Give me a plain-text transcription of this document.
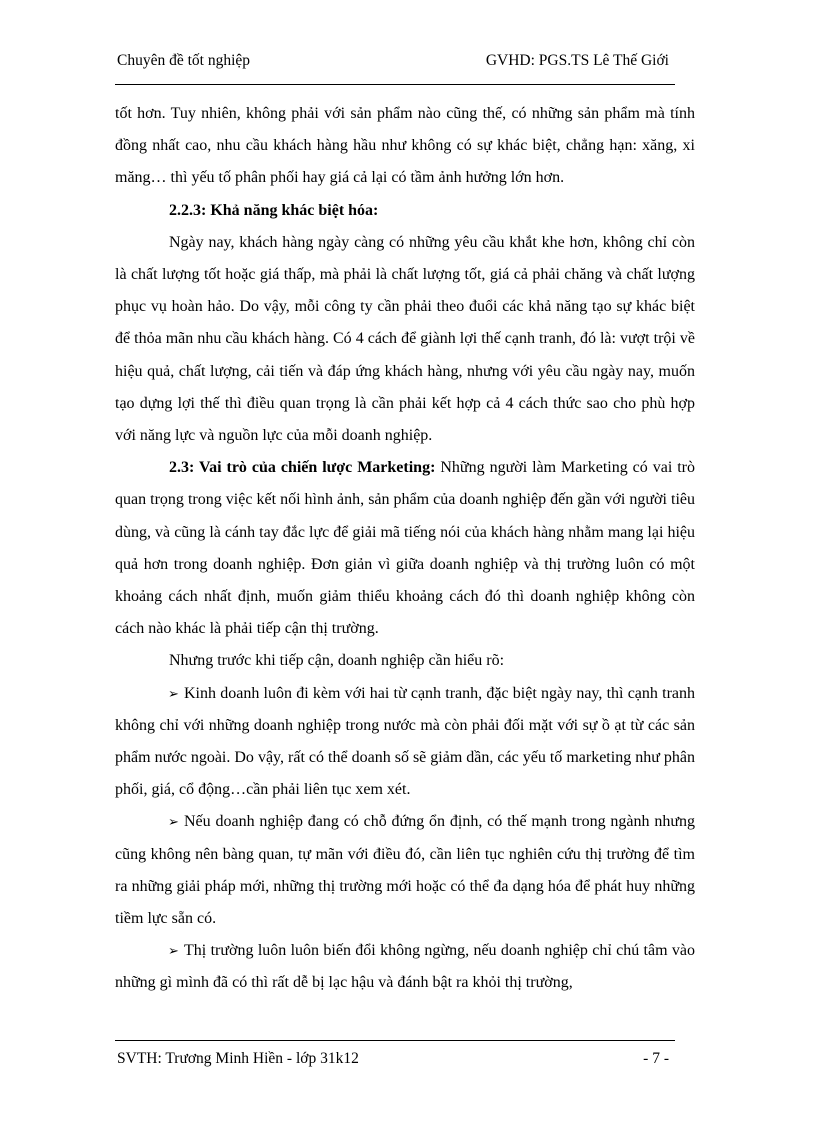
Chuyên đề tốt nghiệp	GVHD: PGS.TS Lê Thế Giới

tốt hơn. Tuy nhiên, không phải với sản phẩm nào cũng thế, có những sản phẩm mà tính đồng nhất cao, nhu cầu khách hàng hầu như không có sự khác biệt, chẳng hạn: xăng, xi măng… thì yếu tố phân phối hay giá cả lại có tầm ảnh hưởng lớn hơn.

2.2.3: Khả năng khác biệt hóa:

Ngày nay, khách hàng ngày càng có những yêu cầu khắt khe hơn, không chỉ còn là chất lượng tốt hoặc giá thấp, mà phải là chất lượng tốt, giá cả phải chăng và chất lượng phục vụ hoàn hảo. Do vậy, mỗi công ty cần phải theo đuổi các khả năng tạo sự khác biệt để thỏa mãn nhu cầu khách hàng. Có 4 cách để giành lợi thế cạnh tranh, đó là: vượt trội về hiệu quả, chất lượng, cải tiến và đáp ứng khách hàng, nhưng với yêu cầu ngày nay, muốn tạo dựng lợi thế thì điều quan trọng là cần phải kết hợp cả 4 cách thức sao cho phù hợp với năng lực và nguồn lực của mỗi doanh nghiệp.

2.3: Vai trò của chiến lược Marketing: Những người làm Marketing có vai trò quan trọng trong việc kết nối hình ảnh, sản phẩm của doanh nghiệp đến gần với người tiêu dùng, và cũng là cánh tay đắc lực để giải mã tiếng nói của khách hàng nhằm mang lại hiệu quả hơn trong doanh nghiệp. Đơn giản vì giữa doanh nghiệp và thị trường luôn có một khoảng cách nhất định, muốn giảm thiểu khoảng cách đó thì doanh nghiệp không còn cách nào khác là phải tiếp cận thị trường.

Nhưng trước khi tiếp cận, doanh nghiệp cần hiểu rõ:

➢ Kinh doanh luôn đi kèm với hai từ cạnh tranh, đặc biệt ngày nay, thì cạnh tranh không chỉ với những doanh nghiệp trong nước mà còn phải đối mặt với sự ồ ạt từ các sản phẩm nước ngoài. Do vậy, rất có thể doanh số sẽ giảm dần, các yếu tố marketing như phân phối, giá, cổ động…cần phải liên tục xem xét.

➢ Nếu doanh nghiệp đang có chỗ đứng ổn định, có thế mạnh trong ngành nhưng cũng không nên bàng quan, tự mãn với điều đó, cần liên tục nghiên cứu thị trường để tìm ra những giải pháp mới, những thị trường mới hoặc có thể đa dạng hóa để phát huy những tiềm lực sẵn có.

➢ Thị trường luôn luôn biến đổi không ngừng, nếu doanh nghiệp chỉ chú tâm vào những gì mình đã có thì rất dễ bị lạc hậu và đánh bật ra khỏi thị trường,

SVTH: Trương Minh Hiền - lớp 31k12	- 7 -
